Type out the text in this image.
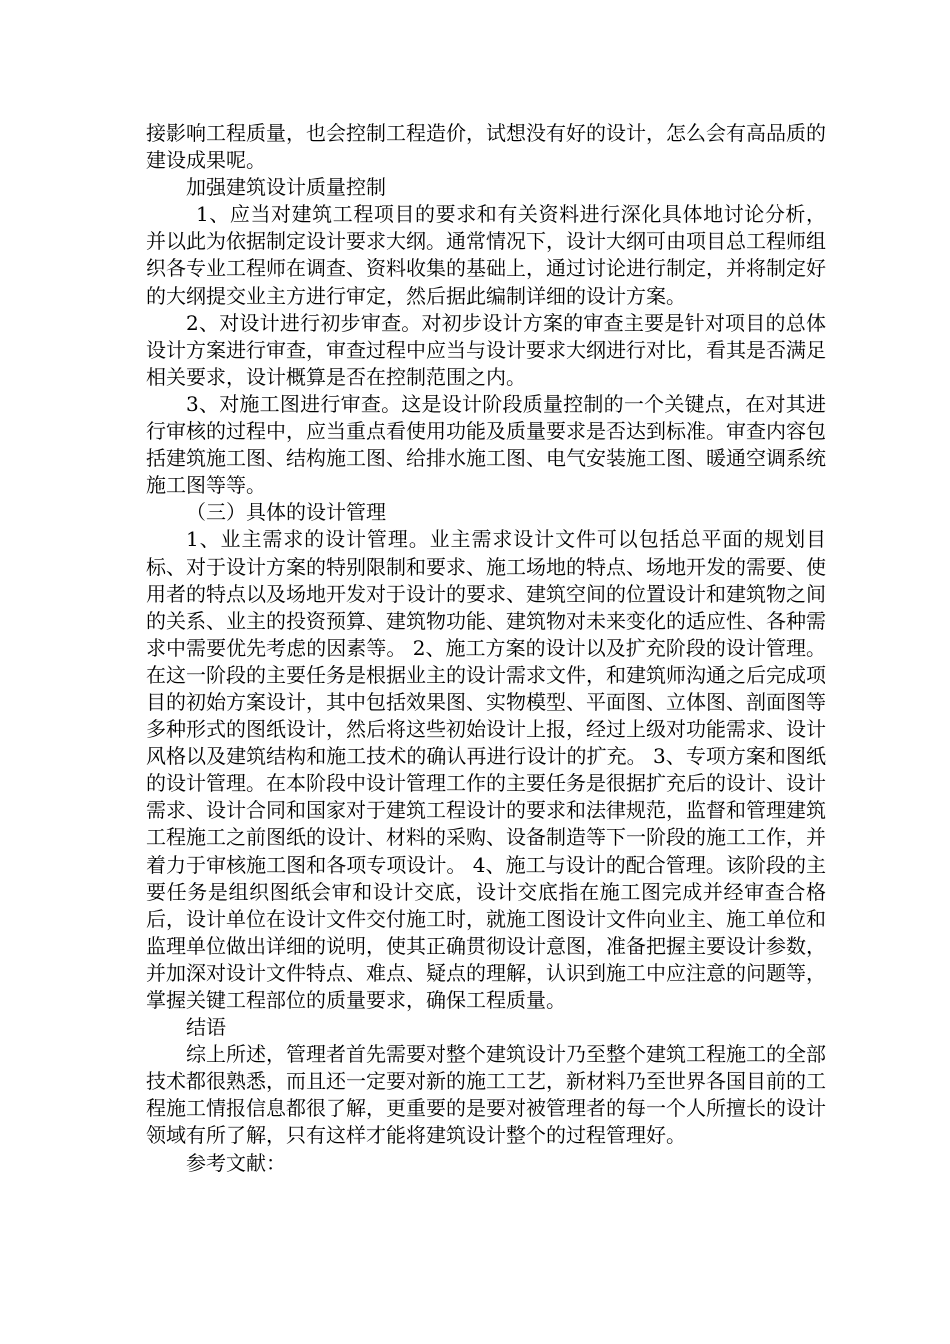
接影响工程质量，也会控制工程造价，试想没有好的设计，怎么会有高品质的建设成果呢。

加强建筑设计质量控制

1、应当对建筑工程项目的要求和有关资料进行深化具体地讨论分析，并以此为依据制定设计要求大纲。通常情况下，设计大纲可由项目总工程师组织各专业工程师在调查、资料收集的基础上，通过讨论进行制定，并将制定好的大纲提交业主方进行审定，然后据此编制详细的设计方案。

2、对设计进行初步审查。对初步设计方案的审查主要是针对项目的总体设计方案进行审查，审查过程中应当与设计要求大纲进行对比，看其是否满足相关要求，设计概算是否在控制范围之内。

3、对施工图进行审查。这是设计阶段质量控制的一个关键点，在对其进行审核的过程中，应当重点看使用功能及质量要求是否达到标准。审查内容包括建筑施工图、结构施工图、给排水施工图、电气安装施工图、暖通空调系统施工图等等。

（三）具体的设计管理

1、业主需求的设计管理。业主需求设计文件可以包括总平面的规划目标、对于设计方案的特别限制和要求、施工场地的特点、场地开发的需要、使用者的特点以及场地开发对于设计的要求、建筑空间的位置设计和建筑物之间的关系、业主的投资预算、建筑物功能、建筑物对未来变化的适应性、各种需求中需要优先考虑的因素等。 2、施工方案的设计以及扩充阶段的设计管理。在这一阶段的主要任务是根据业主的设计需求文件，和建筑师沟通之后完成项目的初始方案设计，其中包括效果图、实物模型、平面图、立体图、剖面图等多种形式的图纸设计，然后将这些初始设计上报，经过上级对功能需求、设计风格以及建筑结构和施工技术的确认再进行设计的扩充。 3、专项方案和图纸的设计管理。在本阶段中设计管理工作的主要任务是很据扩充后的设计、设计需求、设计合同和国家对于建筑工程设计的要求和法律规范，监督和管理建筑工程施工之前图纸的设计、材料的采购、设备制造等下一阶段的施工工作，并着力于审核施工图和各项专项设计。 4、施工与设计的配合管理。该阶段的主要任务是组织图纸会审和设计交底，设计交底指在施工图完成并经审查合格后，设计单位在设计文件交付施工时，就施工图设计文件向业主、施工单位和监理单位做出详细的说明，使其正确贯彻设计意图，准备把握主要设计参数，并加深对设计文件特点、难点、疑点的理解，认识到施工中应注意的问题等，掌握关键工程部位的质量要求，确保工程质量。

结语

综上所述，管理者首先需要对整个建筑设计乃至整个建筑工程施工的全部技术都很熟悉，而且还一定要对新的施工工艺，新材料乃至世界各国目前的工程施工情报信息都很了解，更重要的是要对被管理者的每一个人所擅长的设计领域有所了解，只有这样才能将建筑设计整个的过程管理好。

参考文献：
